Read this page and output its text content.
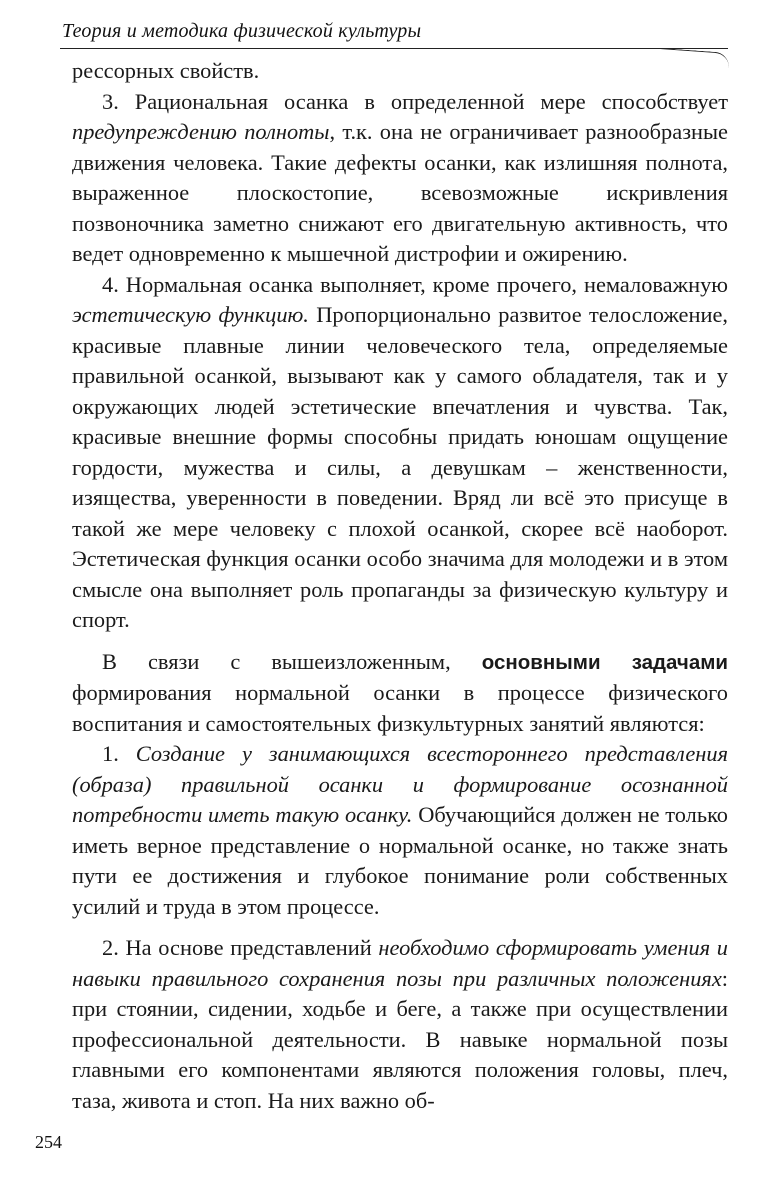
Теория и методика физической культуры

рессорных свойств.

3. Рациональная осанка в определенной мере способствует предупреждению полноты, т.к. она не ограничивает разнообразные движения человека. Такие дефекты осанки, как излишняя полнота, выраженное плоскостопие, всевозможные искривления позвоночника заметно снижают его двигательную активность, что ведет одновременно к мышечной дистрофии и ожирению.

4. Нормальная осанка выполняет, кроме прочего, немаловажную эстетическую функцию. Пропорционально развитое телосложение, красивые плавные линии человеческого тела, определяемые правильной осанкой, вызывают как у самого обладателя, так и у окружающих людей эстетические впечатления и чувства. Так, красивые внешние формы способны придать юношам ощущение гордости, мужества и силы, а девушкам – женственности, изящества, уверенности в поведении. Вряд ли всё это присуще в такой же мере человеку с плохой осанкой, скорее всё наоборот. Эстетическая функция осанки особо значима для молодежи и в этом смысле она выполняет роль пропаганды за физическую культуру и спорт.

В связи с вышеизложенным, основными задачами формирования нормальной осанки в процессе физического воспитания и самостоятельных физкультурных занятий являются:

1. Создание у занимающихся всестороннего представления (образа) правильной осанки и формирование осознанной потребности иметь такую осанку. Обучающийся должен не только иметь верное представление о нормальной осанке, но также знать пути ее достижения и глубокое понимание роли собственных усилий и труда в этом процессе.

2. На основе представлений необходимо сформировать умения и навыки правильного сохранения позы при различных положениях: при стоянии, сидении, ходьбе и беге, а также при осуществлении профессиональной деятельности. В навыке нормальной позы главными его компонентами являются положения головы, плеч, таза, живота и стоп. На них важно об-

254
